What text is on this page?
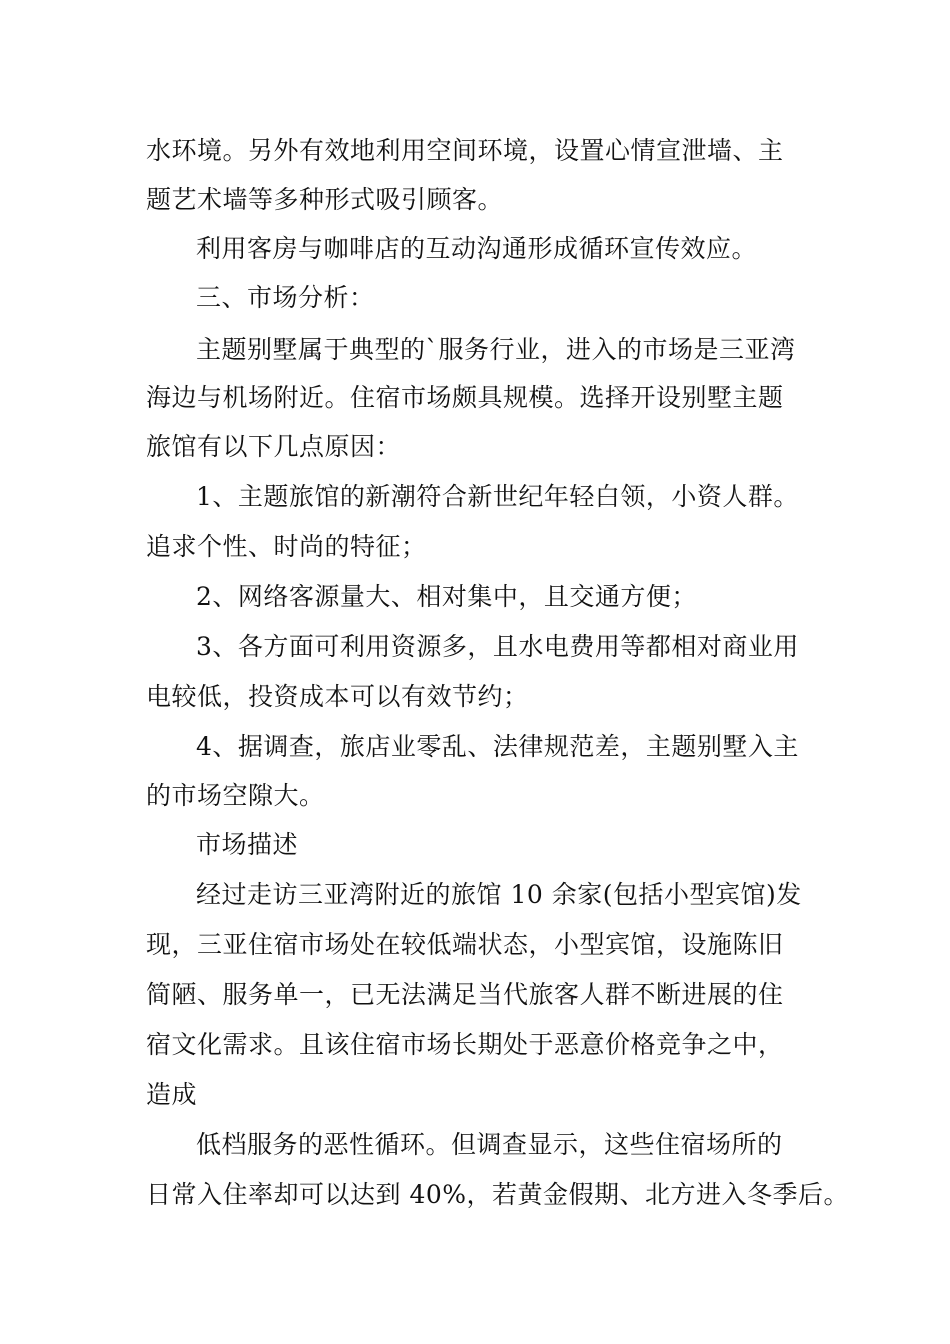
水环境。另外有效地利用空间环境，设置心情宣泄墙、主
题艺术墙等多种形式吸引顾客。
利用客房与咖啡店的互动沟通形成循环宣传效应。
三、市场分析：
主题别墅属于典型的`服务行业，进入的市场是三亚湾
海边与机场附近。住宿市场颇具规模。选择开设别墅主题
旅馆有以下几点原因：
1、主题旅馆的新潮符合新世纪年轻白领，小资人群。
追求个性、时尚的特征；
2、网络客源量大、相对集中，且交通方便；
3、各方面可利用资源多，且水电费用等都相对商业用
电较低，投资成本可以有效节约；
4、据调查，旅店业零乱、法律规范差，主题别墅入主
的市场空隙大。
市场描述
经过走访三亚湾附近的旅馆 10 余家(包括小型宾馆)发
现，三亚住宿市场处在较低端状态，小型宾馆，设施陈旧
简陋、服务单一，已无法满足当代旅客人群不断进展的住
宿文化需求。且该住宿市场长期处于恶意价格竞争之中，
造成
低档服务的恶性循环。但调查显示，这些住宿场所的
日常入住率却可以达到 40%，若黄金假期、北方进入冬季后。
